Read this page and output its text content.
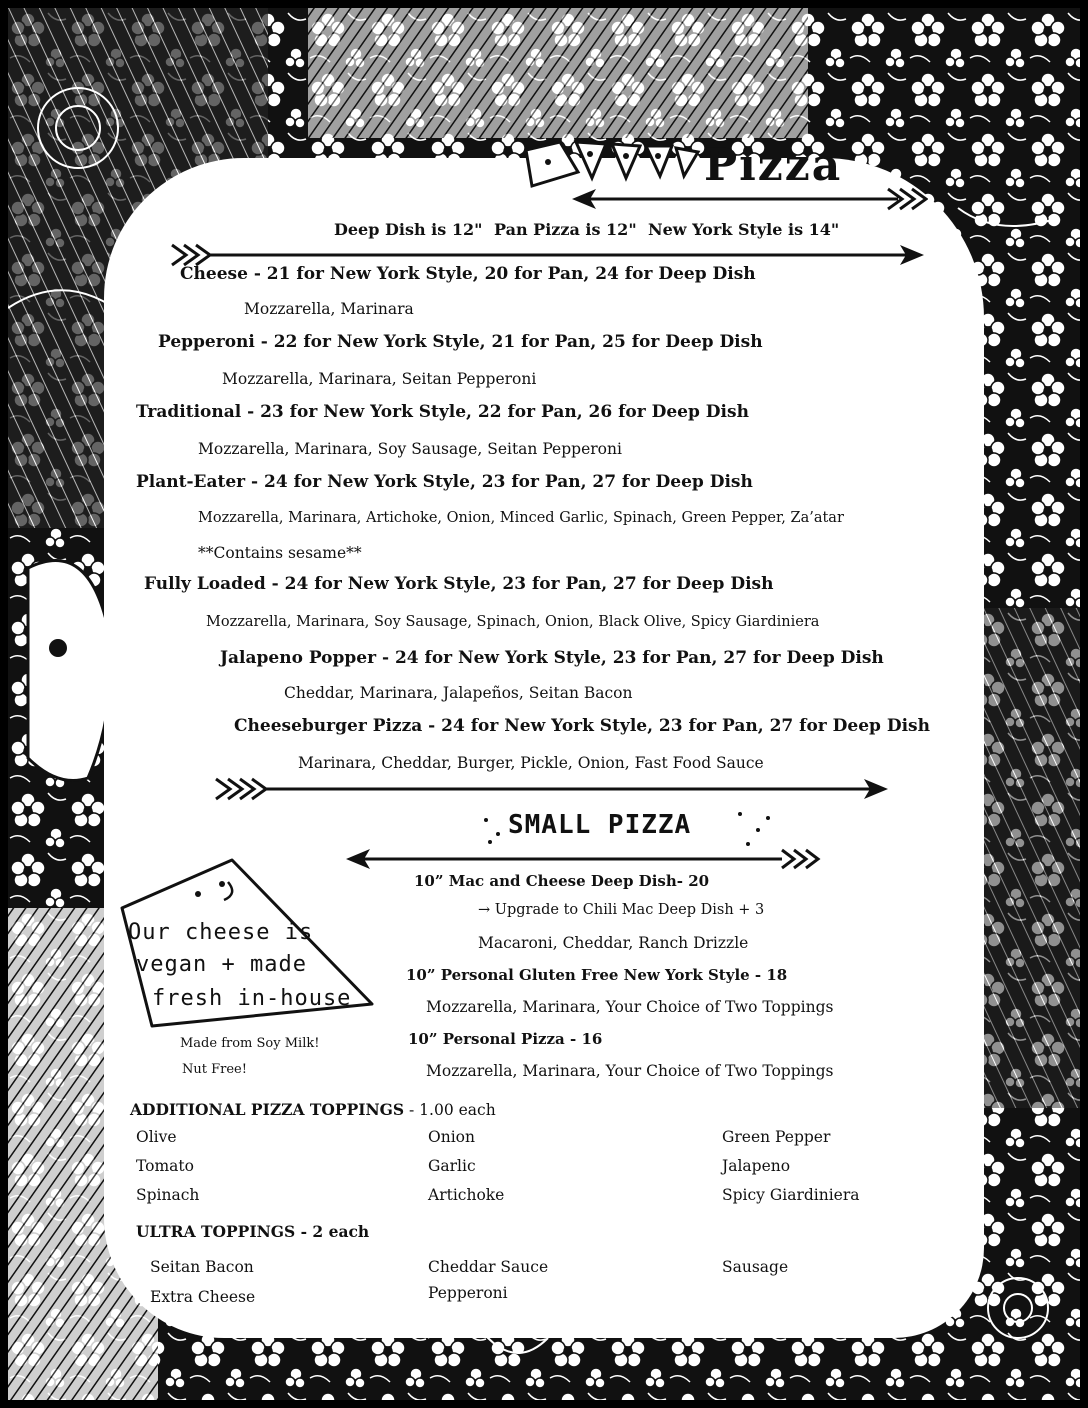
Pizza
Deep Dish is 12" Pan Pizza is 12" New York Style is 14"
Cheese - 21 for New York Style, 20 for Pan, 24 for Deep Dish
Mozzarella, Marinara
Pepperoni - 22 for New York Style, 21 for Pan, 25 for Deep Dish
Mozzarella, Marinara, Seitan Pepperoni
Traditional - 23 for New York Style, 22 for Pan, 26 for Deep Dish
Mozzarella, Marinara, Soy Sausage, Seitan Pepperoni
Plant-Eater - 24 for New York Style, 23 for Pan, 27 for Deep Dish
Mozzarella, Marinara, Artichoke, Onion, Minced Garlic, Spinach, Green Pepper, Za’atar
**Contains sesame**
Fully Loaded - 24 for New York Style, 23 for Pan, 27 for Deep Dish
Mozzarella, Marinara, Soy Sausage, Spinach, Onion, Black Olive, Spicy Giardiniera
Jalapeno Popper - 24 for New York Style, 23 for Pan, 27 for Deep Dish
Cheddar, Marinara, Jalapeños, Seitan Bacon
Cheeseburger Pizza - 24 for New York Style, 23 for Pan, 27 for Deep Dish
Marinara, Cheddar, Burger, Pickle, Onion, Fast Food Sauce
SMALL PIZZA
10” Mac and Cheese Deep Dish- 20
→ Upgrade to Chili Mac Deep Dish + 3
Macaroni, Cheddar, Ranch Drizzle
10” Personal Gluten Free New York Style - 18
Mozzarella, Marinara, Your Choice of Two Toppings
10” Personal Pizza - 16
Mozzarella, Marinara, Your Choice of Two Toppings
Our cheese is
vegan + made
fresh in-house
Made from Soy Milk!
Nut Free!
ADDITIONAL PIZZA TOPPINGS - 1.00 each
Olive
Tomato
Spinach
Onion
Garlic
Artichoke
Green Pepper
Jalapeno
Spicy Giardiniera
ULTRA TOPPINGS - 2 each
Seitan Bacon
Extra Cheese
Cheddar Sauce
Pepperoni
Sausage
